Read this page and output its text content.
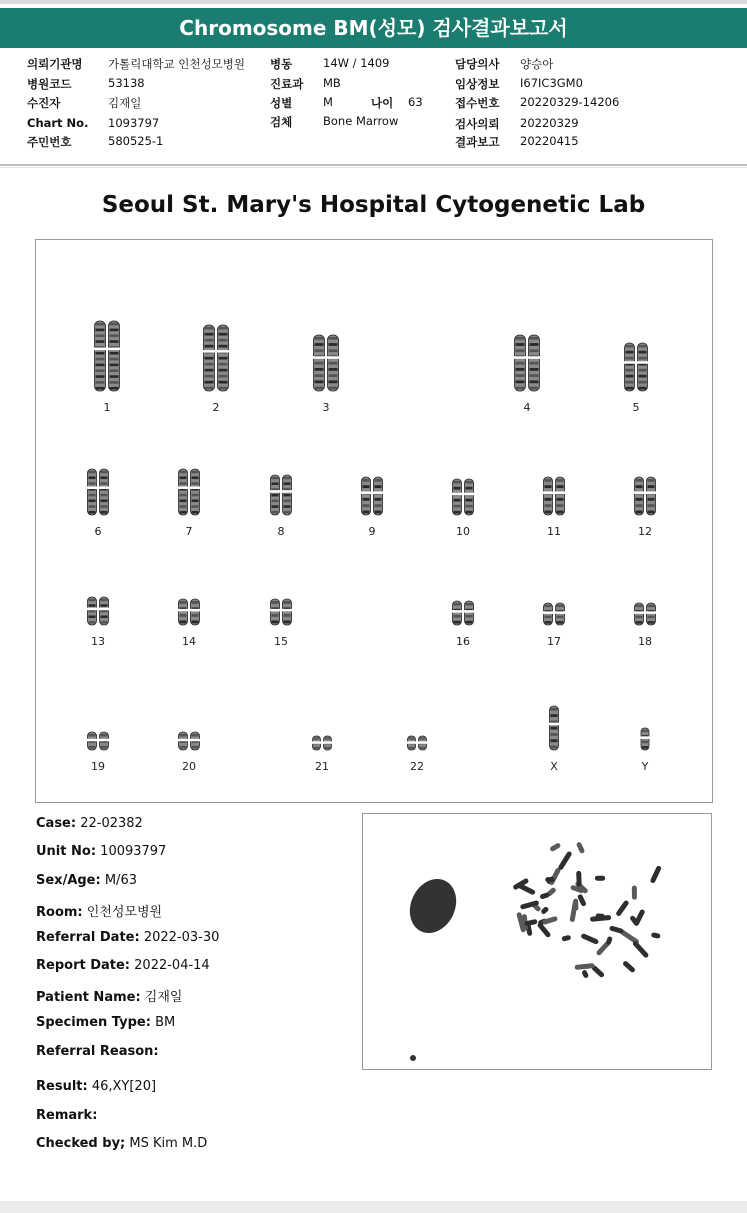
Chromosome BM(성모) 검사결과보고서
의뢰기관명 가톨릭대학교 인천성모병원
병원코드	53138
수진자	김재일
Chart No. 1093797
주민번호	580525-1
병동	14W / 1409
진료과 MB
성별	M	나이 63
검체	Bone Marrow
담당의사 양승아
임상정보 I67IC3GM0
접수번호 20220329-14206
검사의뢰 20220329
결과보고 20220415
Seoul St. Mary's Hospital Cytogenetic Lab
1	2	3	4	5
6	7	8	9	10	11	12
13	14	15	16	17	18
19	20	21	22	X	Y
Case: 22-02382
Unit No: 10093797
Sex/Age: M/63
Room: 인천성모병원
Referral Date: 2022-03-30
Report Date: 2022-04-14
Patient Name: 김재일
Specimen Type: BM
Referral Reason:
Result: 46,XY[20]
Remark:
Checked by; MS Kim M.D
